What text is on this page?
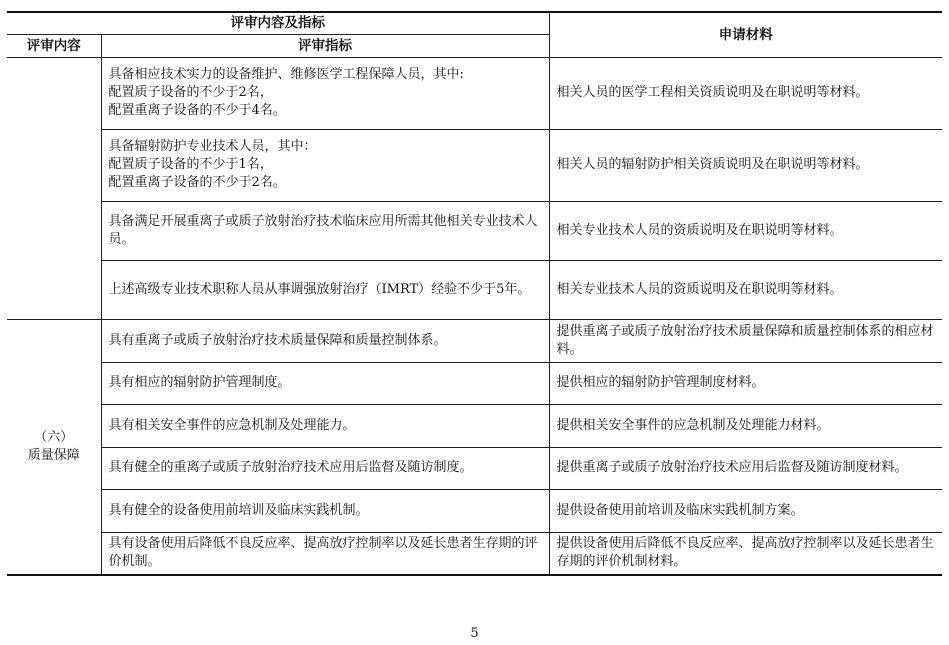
评审内容及指标		申请材料
评审内容	评审指标	

	具备相应技术实力的设备维护、维修医学工程保障人员，其中:
配置质子设备的不少于2名，
配置重离子设备的不少于4名。	相关人员的医学工程相关资质说明及在职说明等材料。

	具备辐射防护专业技术人员，其中：
配置质子设备的不少于1名，
配置重离子设备的不少于2名。	相关人员的辐射防护相关资质说明及在职说明等材料。
	具备满足开展重离子或质子放射治疗技术临床应用所需其他相关专业技术人员。	相关专业技术人员的资质说明及在职说明等材料。
	上述高级专业技术职称人员从事调强放射治疗（IMRT）经验不少于5年。	相关专业技术人员的资质说明及在职说明等材料。

（六）
质量保障	具有重离子或质子放射治疗技术质量保障和质量控制体系。	提供重离子或质子放射治疗技术质量保障和质量控制体系的相应材料。
	具有相应的辐射防护管理制度。	提供相应的辐射防护管理制度材料。
	具有相关安全事件的应急机制及处理能力。	提供相关安全事件的应急机制及处理能力材料。
	具有健全的重离子或质子放射治疗技术应用后监督及随访制度。	提供重离子或质子放射治疗技术应用后监督及随访制度材料。
	具有健全的设备使用前培训及临床实践机制。	提供设备使用前培训及临床实践机制方案。
	具有设备使用后降低不良反应率、提高放疗控制率以及延长患者生存期的评价机制。	提供设备使用后降低不良反应率、提高放疗控制率以及延长患者生存期的评价机制材料。
5
